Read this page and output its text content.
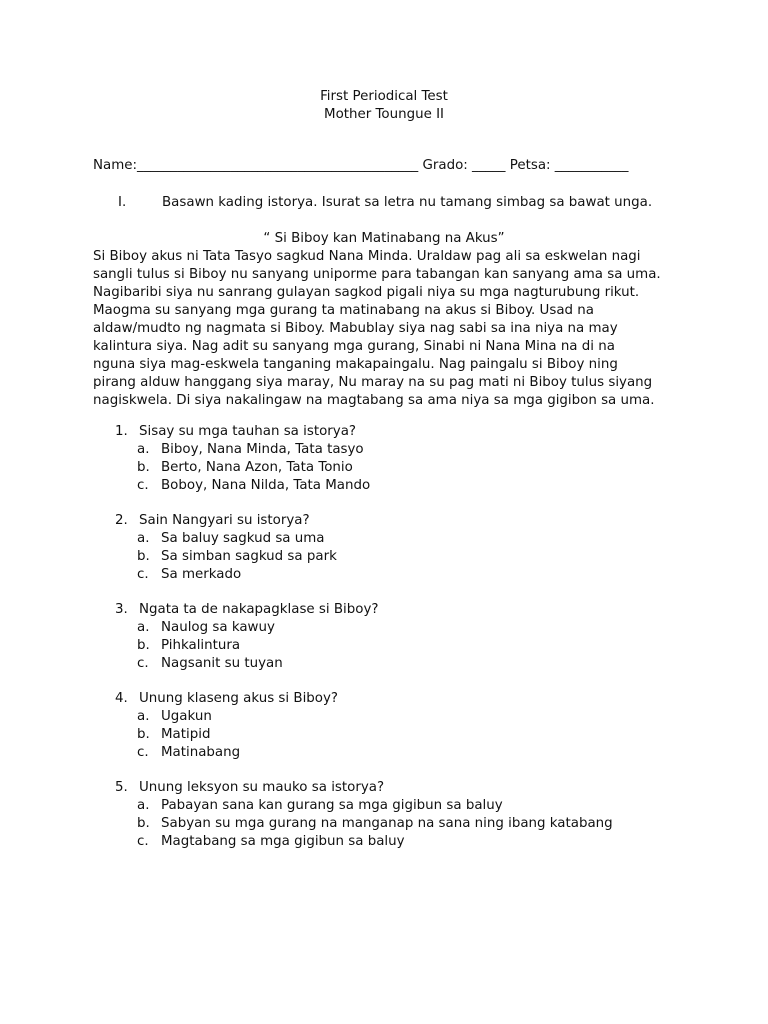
First Periodical Test
Mother Toungue II
Name:__________________________________________ Grado: _____ Petsa: ___________
I.	Basawn kading istorya. Isurat sa letra nu tamang simbag sa bawat unga.
“ Si Biboy kan Matinabang na Akus”

Si Biboy akus ni Tata Tasyo sagkud Nana Minda. Uraldaw pag ali sa eskwelan nagi
sangli tulus si Biboy nu sanyang uniporme para tabangan kan sanyang ama sa uma.
Nagibaribi siya nu sanrang gulayan sagkod pigali niya su mga nagturubung rikut.
Maogma su sanyang mga gurang ta matinabang na akus si Biboy. Usad na
aldaw/mudto ng nagmata si Biboy. Mabublay siya nag sabi sa ina niya na may
kalintura siya. Nag adit su sanyang mga gurang, Sinabi ni Nana Mina na di na
nguna siya mag-eskwela tanganing makapaingalu. Nag paingalu si Biboy ning
pirang alduw hanggang siya maray, Nu maray na su pag mati ni Biboy tulus siyang
nagiskwela. Di siya nakalingaw na magtabang sa ama niya sa mga gigibon sa uma.

1. Sisay su mga tauhan sa istorya?
a. Biboy, Nana Minda, Tata tasyo
b. Berto, Nana Azon, Tata Tonio
c. Boboy, Nana Nilda, Tata Mando
2. Sain Nangyari su istorya?
a. Sa baluy sagkud sa uma
b. Sa simban sagkud sa park
c. Sa merkado
3. Ngata ta de nakapagklase si Biboy?
a. Naulog sa kawuy
b. Pihkalintura
c. Nagsanit su tuyan
4. Unung klaseng akus si Biboy?
a. Ugakun
b. Matipid
c. Matinabang
5. Unung leksyon su mauko sa istorya?
a. Pabayan sana kan gurang sa mga gigibun sa baluy
b. Sabyan su mga gurang na manganap na sana ning ibang katabang
c. Magtabang sa mga gigibun sa baluy
